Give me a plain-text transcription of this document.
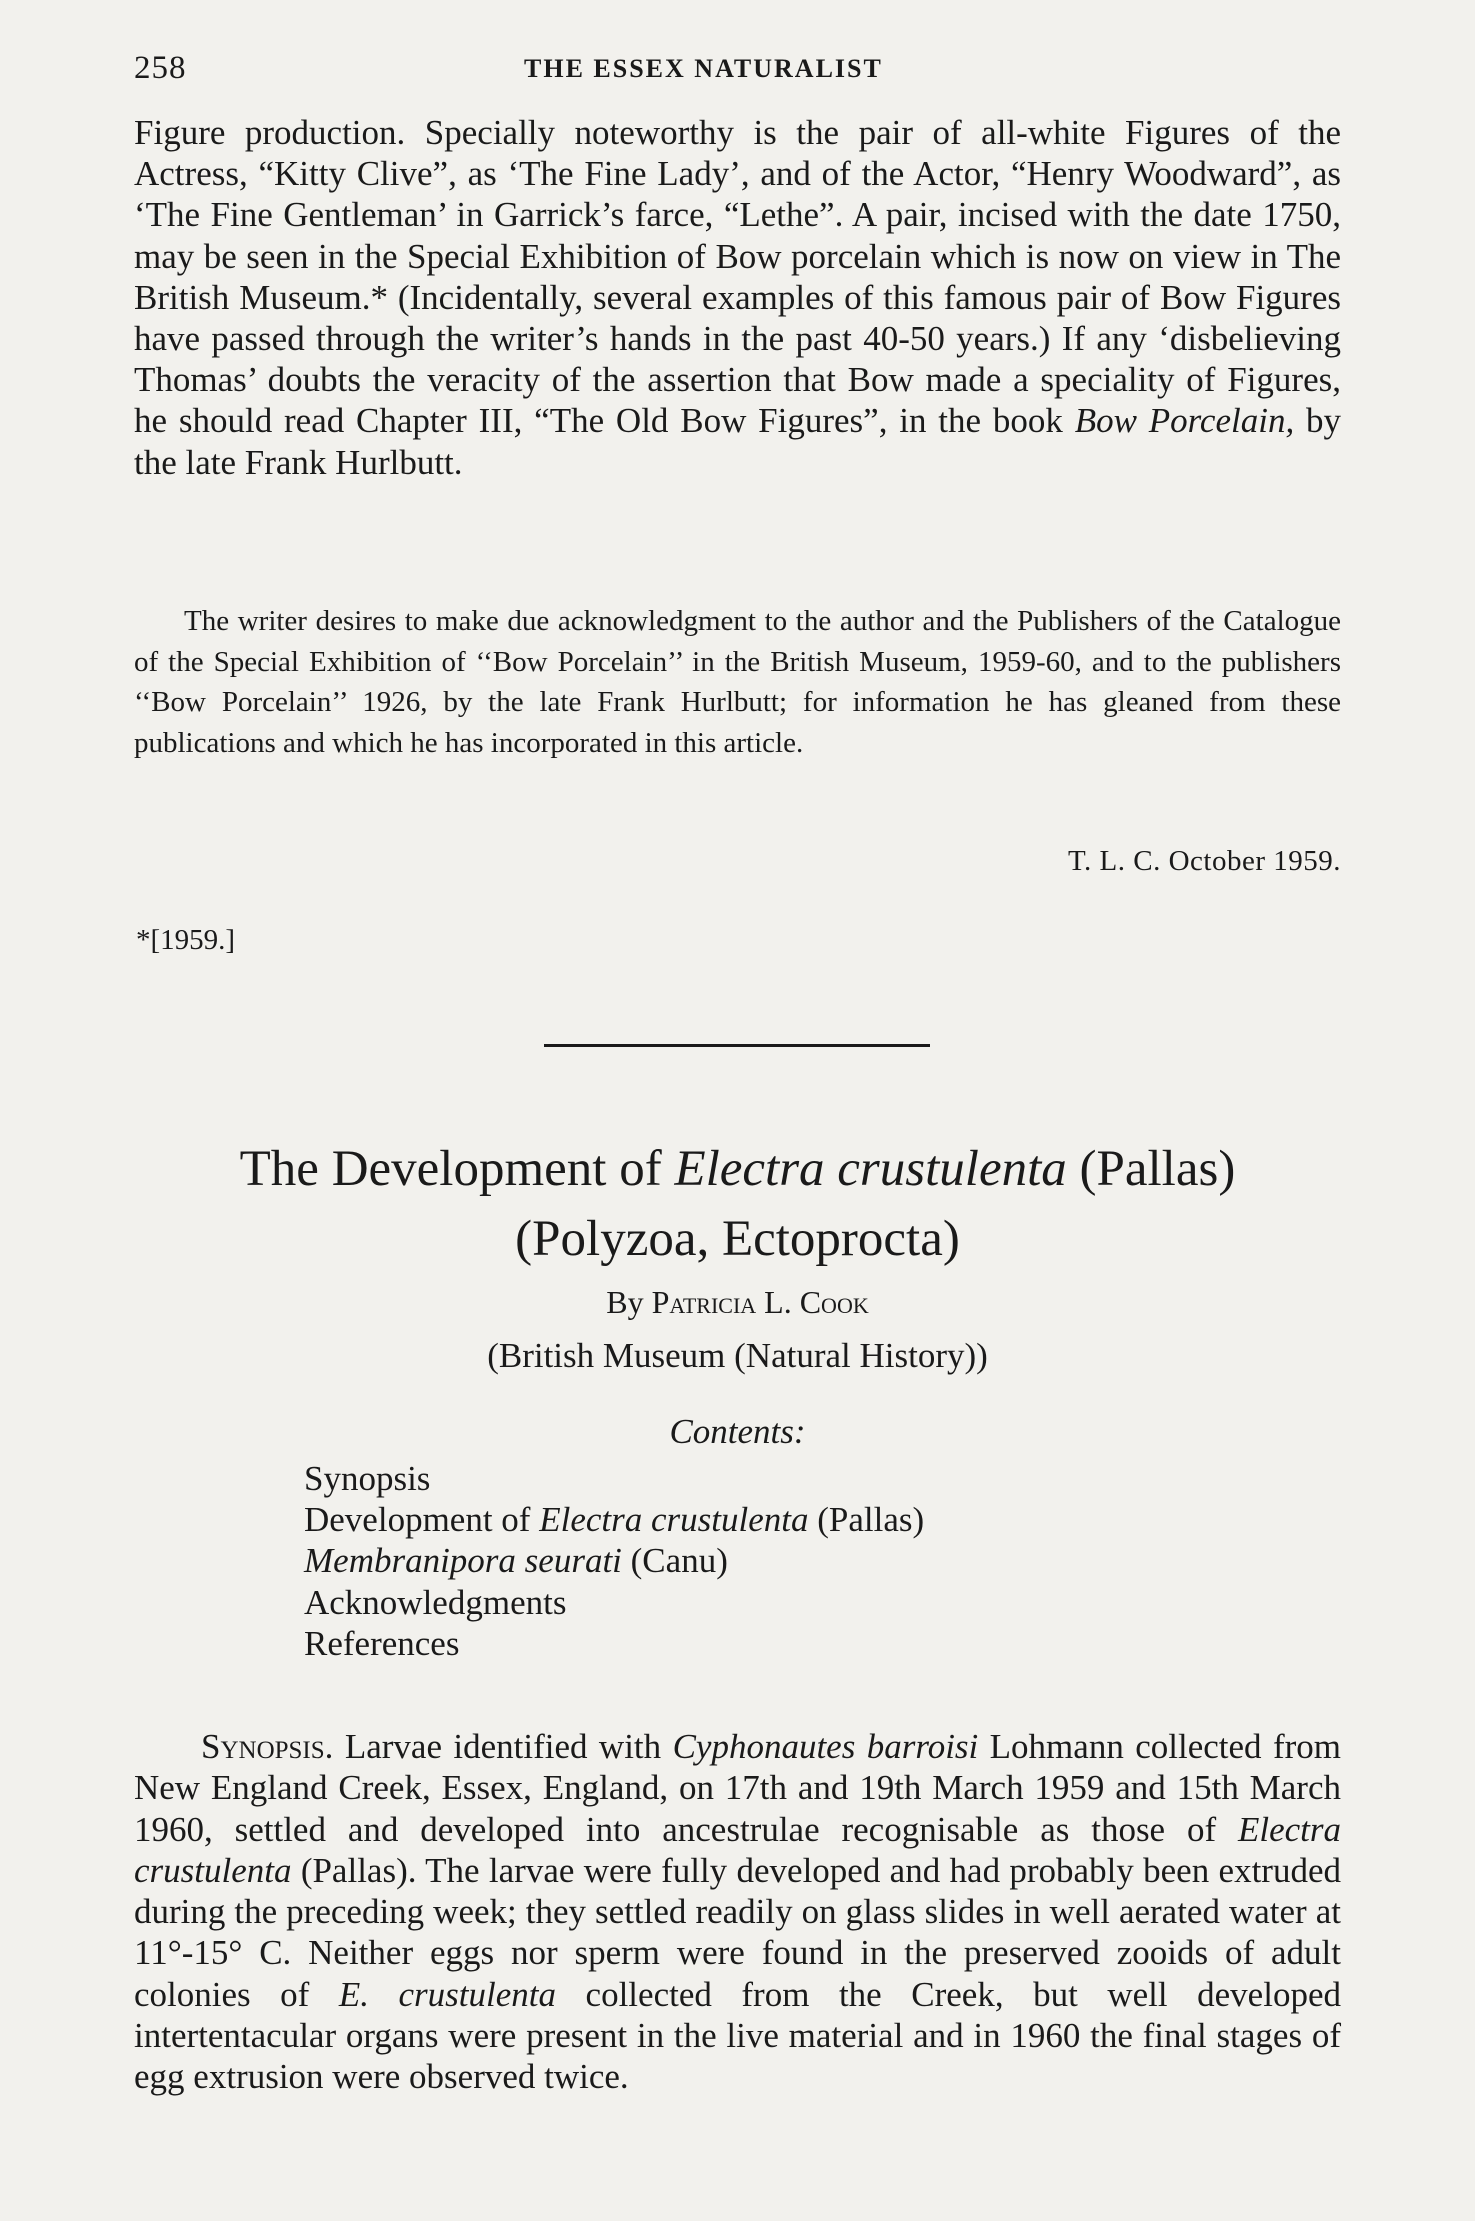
258	THE ESSEX NATURALIST

Figure production. Specially noteworthy is the pair of all-white Figures of the Actress, “Kitty Clive”, as ‘The Fine Lady’, and of the Actor, “Henry Woodward”, as ‘The Fine Gentleman’ in Garrick’s farce, “Lethe”. A pair, incised with the date 1750, may be seen in the Special Exhibition of Bow porcelain which is now on view in The British Museum.* (Incidentally, several examples of this famous pair of Bow Figures have passed through the writer’s hands in the past 40-50 years.) If any ‘disbelieving Thomas’ doubts the veracity of the assertion that Bow made a speciality of Figures, he should read Chapter III, “The Old Bow Figures”, in the book Bow Porcelain, by the late Frank Hurlbutt.

The writer desires to make due acknowledgment to the author and the Publishers of the Catalogue of the Special Exhibition of ‘‘Bow Porcelain’’ in the British Museum, 1959-60, and to the publishers ‘‘Bow Porcelain’’ 1926, by the late Frank Hurlbutt; for information he has gleaned from these publications and which he has incorporated in this article.

T. L. C. October 1959.
*[1959.]
The Development of Electra crustulenta (Pallas)
(Polyzoa, Ectoprocta)
By Patricia L. Cook
(British Museum (Natural History))
Contents:
Synopsis
Development of Electra crustulenta (Pallas)
Membranipora seurati (Canu)
Acknowledgments
References

Synopsis. Larvae identified with Cyphonautes barroisi Lohmann collected from New England Creek, Essex, England, on 17th and 19th March 1959 and 15th March 1960, settled and developed into ancestrulae recognisable as those of Electra crustulenta (Pallas). The larvae were fully developed and had probably been extruded during the preceding week; they settled readily on glass slides in well aerated water at 11°-15° C. Neither eggs nor sperm were found in the preserved zooids of adult colonies of E. crustulenta collected from the Creek, but well developed intertentacular organs were present in the live material and in 1960 the final stages of egg extrusion were observed twice.
